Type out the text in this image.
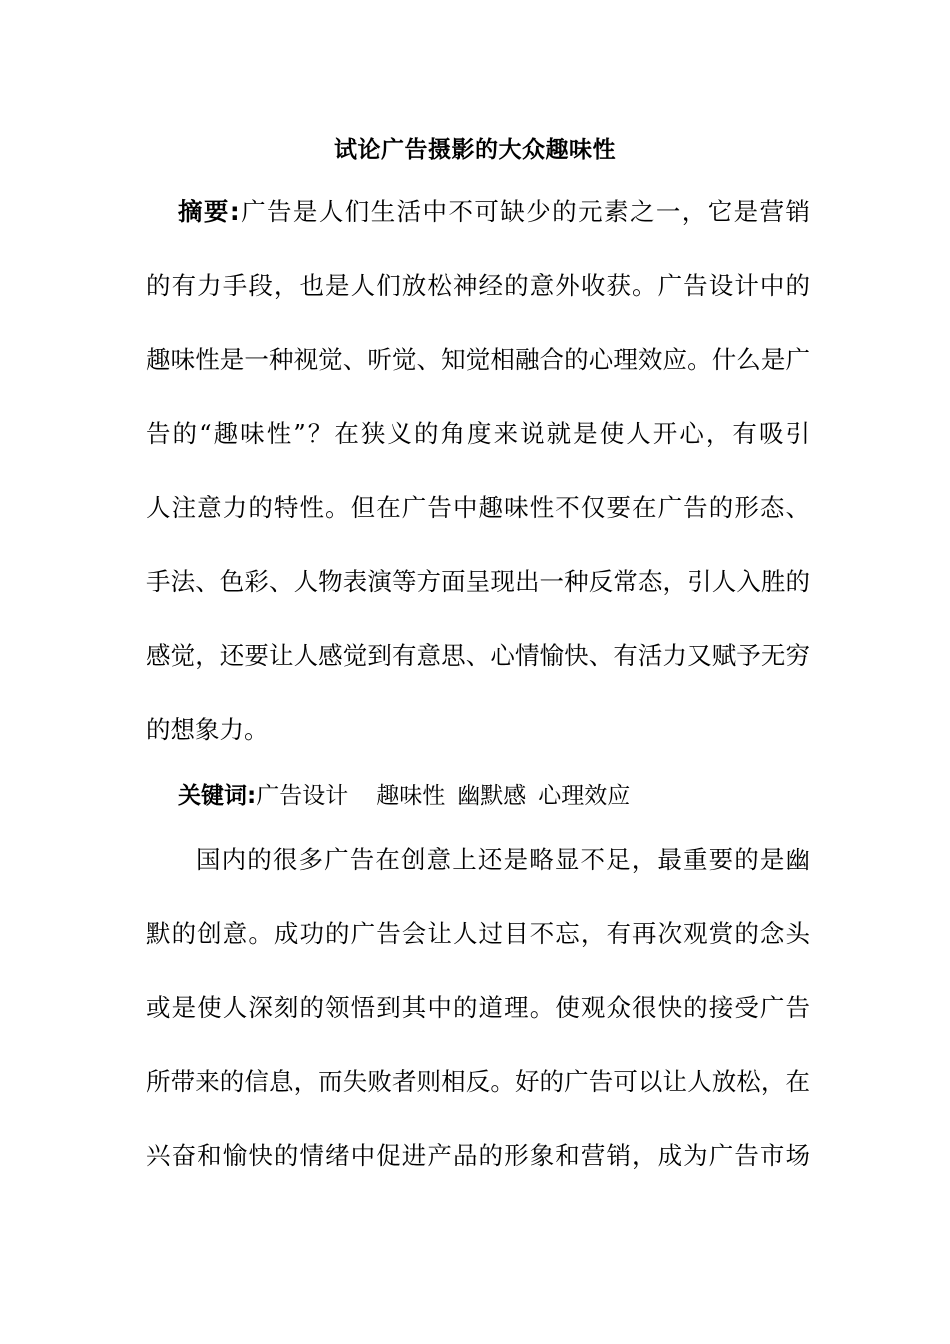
试论广告摄影的大众趣味性
摘要:广告是人们生活中不可缺少的元素之一，它是营销
的有力手段，也是人们放松神经的意外收获。广告设计中的
趣味性是一种视觉、听觉、知觉相融合的心理效应。什么是广
告的“趣味性”？在狭义的角度来说就是使人开心，有吸引
人注意力的特性。但在广告中趣味性不仅要在广告的形态、
手法、色彩、人物表演等方面呈现出一种反常态，引人入胜的
感觉，还要让人感觉到有意思、心情愉快、有活力又赋予无穷
的想象力。
关键词:广告设计 趣味性 幽默感 心理效应
国内的很多广告在创意上还是略显不足，最重要的是幽
默的创意。成功的广告会让人过目不忘，有再次观赏的念头
或是使人深刻的领悟到其中的道理。使观众很快的接受广告
所带来的信息，而失败者则相反。好的广告可以让人放松，在
兴奋和愉快的情绪中促进产品的形象和营销，成为广告市场
